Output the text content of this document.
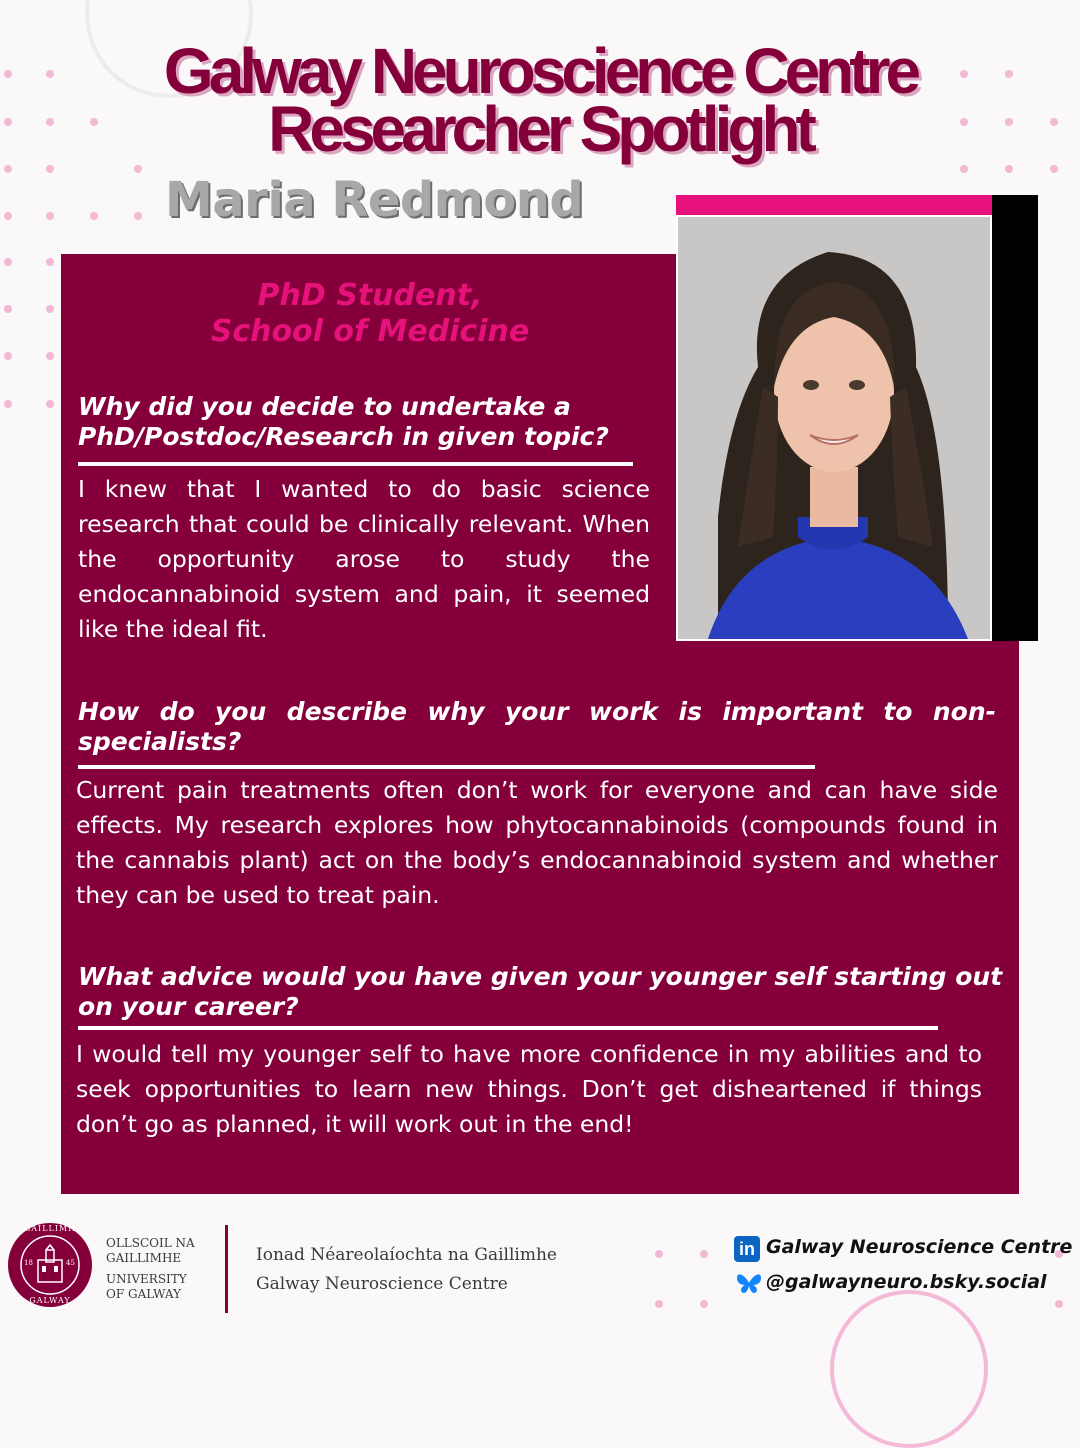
Galway Neuroscience Centre
Researcher Spotlight
Maria Redmond
PhD Student,
School of Medicine
Why did you decide to undertake a PhD/Postdoc/Research in given topic?
I knew that I wanted to do basic science research that could be clinically relevant. When the opportunity arose to study the endocannabinoid system and pain, it seemed like the ideal fit.
How do you describe why your work is important to non-specialists?
Current pain treatments often don’t work for everyone and can have side effects. My research explores how phytocannabinoids (compounds found in the cannabis plant) act on the body’s endocannabinoid system and whether they can be used to treat pain.
What advice would you have given your younger self starting out on your career?
I would tell my younger self to have more confidence in my abilities and to seek opportunities to learn new things. Don’t get disheartened if things don’t go as planned, it will work out in the end!
GAILLIMH
GALWAY
18	45
OLLSCOIL NA
GAILLIMHE
UNIVERSITY
OF GALWAY
Ionad Néareolaíochta na Gaillimhe
Galway Neuroscience Centre
in Galway Neuroscience Centre
@galwayneuro.bsky.social
